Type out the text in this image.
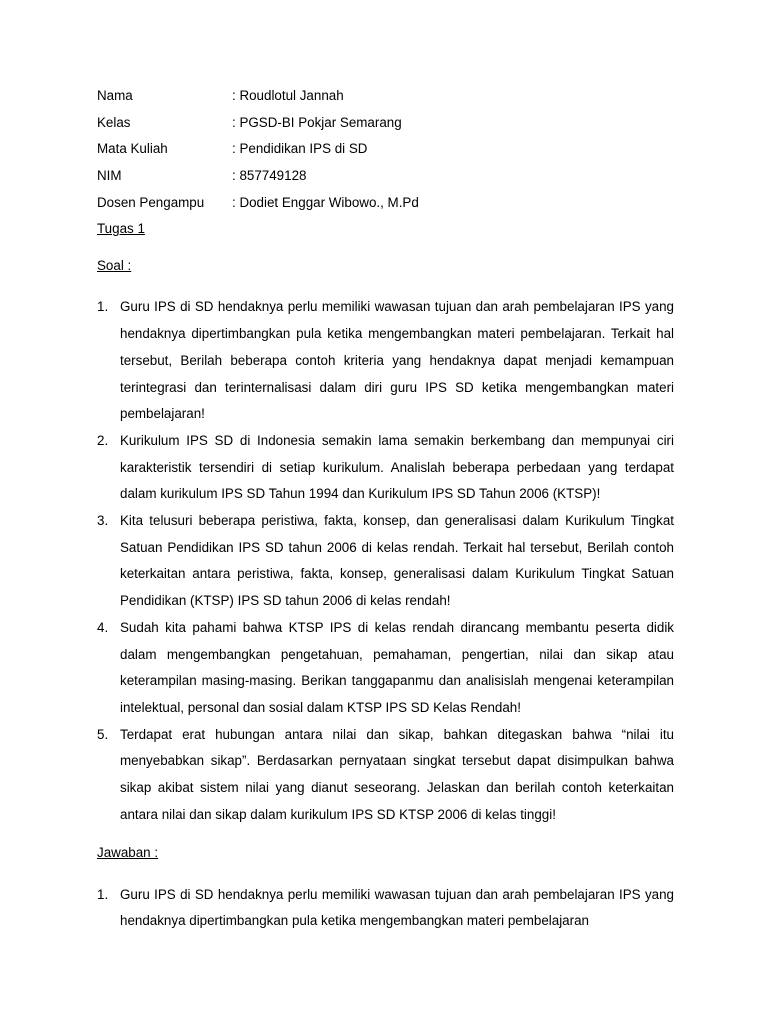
Nama	: Roudlotul Jannah
Kelas	: PGSD-BI Pokjar Semarang
Mata Kuliah	: Pendidikan IPS di SD
NIM	: 857749128
Dosen Pengampu	: Dodiet Enggar Wibowo., M.Pd
Tugas 1
Soal :
1. Guru IPS di SD hendaknya perlu memiliki wawasan tujuan dan arah pembelajaran IPS yang hendaknya dipertimbangkan pula ketika mengembangkan materi pembelajaran. Terkait hal tersebut, Berilah beberapa contoh kriteria yang hendaknya dapat menjadi kemampuan terintegrasi dan terinternalisasi dalam diri guru IPS SD ketika mengembangkan materi pembelajaran!
2. Kurikulum IPS SD di Indonesia semakin lama semakin berkembang dan mempunyai ciri karakteristik tersendiri di setiap kurikulum. Analislah beberapa perbedaan yang terdapat dalam kurikulum IPS SD Tahun 1994 dan Kurikulum IPS SD Tahun 2006 (KTSP)!
3. Kita telusuri beberapa peristiwa, fakta, konsep, dan generalisasi dalam Kurikulum Tingkat Satuan Pendidikan IPS SD tahun 2006 di kelas rendah. Terkait hal tersebut, Berilah contoh keterkaitan antara peristiwa, fakta, konsep, generalisasi dalam Kurikulum Tingkat Satuan Pendidikan (KTSP) IPS SD tahun 2006 di kelas rendah!
4. Sudah kita pahami bahwa KTSP IPS di kelas rendah dirancang membantu peserta didik dalam mengembangkan pengetahuan, pemahaman, pengertian, nilai dan sikap atau keterampilan masing-masing. Berikan tanggapanmu dan analisislah mengenai keterampilan intelektual, personal dan sosial dalam KTSP IPS SD Kelas Rendah!
5. Terdapat erat hubungan antara nilai dan sikap, bahkan ditegaskan bahwa “nilai itu menyebabkan sikap”. Berdasarkan pernyataan singkat tersebut dapat disimpulkan bahwa sikap akibat sistem nilai yang dianut seseorang. Jelaskan dan berilah contoh keterkaitan antara nilai dan sikap dalam kurikulum IPS SD KTSP 2006 di kelas tinggi!
Jawaban :
1. Guru IPS di SD hendaknya perlu memiliki wawasan tujuan dan arah pembelajaran IPS yang hendaknya dipertimbangkan pula ketika mengembangkan materi pembelajaran
